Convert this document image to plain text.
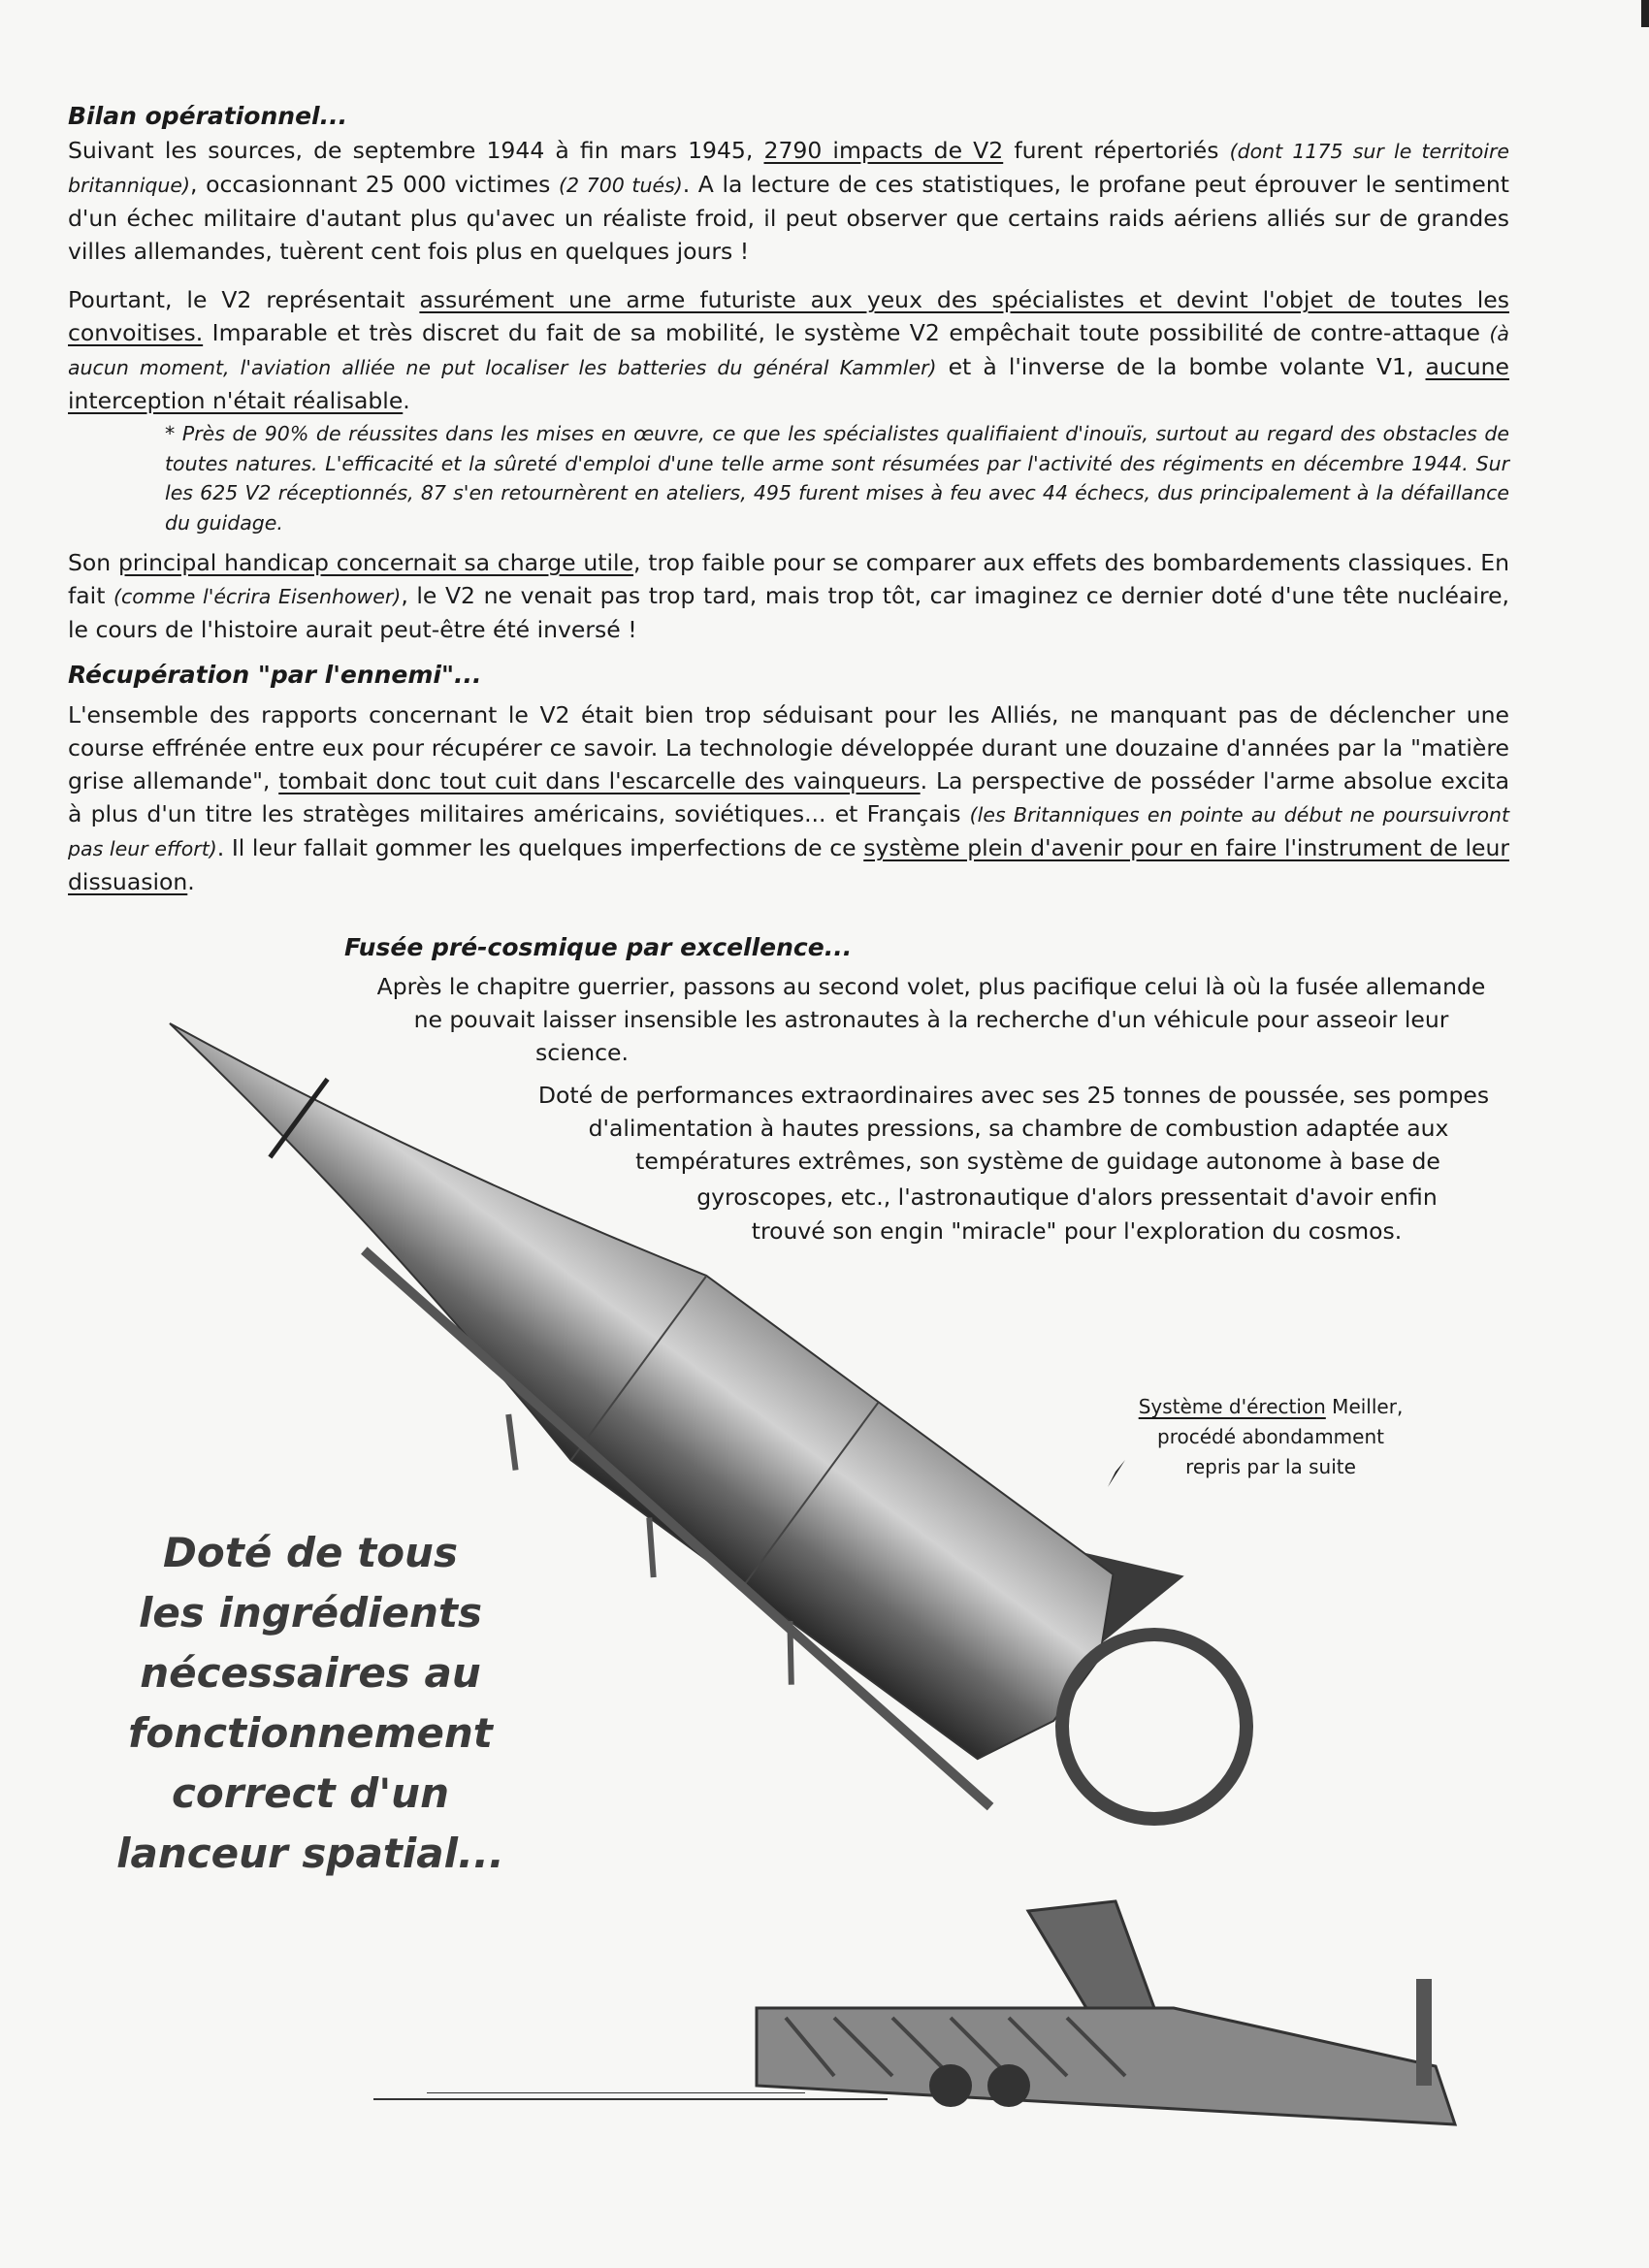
Bilan opérationnel...
Suivant les sources, de septembre 1944 à fin mars 1945, 2790 impacts de V2 furent répertoriés (dont 1175 sur le territoire britannique), occasionnant 25 000 victimes (2 700 tués). A la lecture de ces statistiques, le profane peut éprouver le sentiment d'un échec militaire d'autant plus qu'avec un réaliste froid, il peut observer que certains raids aériens alliés sur de grandes villes allemandes, tuèrent cent fois plus en quelques jours !
Pourtant, le V2 représentait assurément une arme futuriste aux yeux des spécialistes et devint l'objet de toutes les convoitises. Imparable et très discret du fait de sa mobilité, le système V2 empêchait toute possibilité de contre-attaque (à aucun moment, l'aviation alliée ne put localiser les batteries du général Kammler) et à l'inverse de la bombe volante V1, aucune interception n'était réalisable.
* Près de 90% de réussites dans les mises en œuvre, ce que les spécialistes qualifiaient d'inouïs, surtout au regard des obstacles de toutes natures. L'efficacité et la sûreté d'emploi d'une telle arme sont résumées par l'activité des régiments en décembre 1944. Sur les 625 V2 réceptionnés, 87 s'en retournèrent en ateliers, 495 furent mises à feu avec 44 échecs, dus principalement à la défaillance du guidage.
Son principal handicap concernait sa charge utile, trop faible pour se comparer aux effets des bombardements classiques. En fait (comme l'écrira Eisenhower), le V2 ne venait pas trop tard, mais trop tôt, car imaginez ce dernier doté d'une tête nucléaire, le cours de l'histoire aurait peut-être été inversé !
Récupération "par l'ennemi"...
L'ensemble des rapports concernant le V2 était bien trop séduisant pour les Alliés, ne manquant pas de déclencher une course effrénée entre eux pour récupérer ce savoir. La technologie développée durant une douzaine d'années par la "matière grise allemande", tombait donc tout cuit dans l'escarcelle des vainqueurs. La perspective de posséder l'arme absolue excita à plus d'un titre les stratèges militaires américains, soviétiques... et Français (les Britanniques en pointe au début ne poursuivront pas leur effort). Il leur fallait gommer les quelques imperfections de ce système plein d'avenir pour en faire l'instrument de leur dissuasion.
Fusée pré-cosmique par excellence...
Après le chapitre guerrier, passons au second volet, plus pacifique celui là où la fusée allemande
ne pouvait laisser insensible les astronautes à la recherche d'un véhicule pour asseoir leur
science.
Doté de performances extraordinaires avec ses 25 tonnes de poussée, ses pompes
d'alimentation à hautes pressions, sa chambre de combustion adaptée aux
températures extrêmes, son système de guidage autonome à base de
gyroscopes, etc., l'astronautique d'alors pressentait d'avoir enfin
trouvé son engin "miracle" pour l'exploration du cosmos.
Système d'érection Meiller,
procédé abondamment
repris par la suite
Doté de tous
les ingrédients
nécessaires au
fonctionnement
correct d'un
lanceur spatial...
